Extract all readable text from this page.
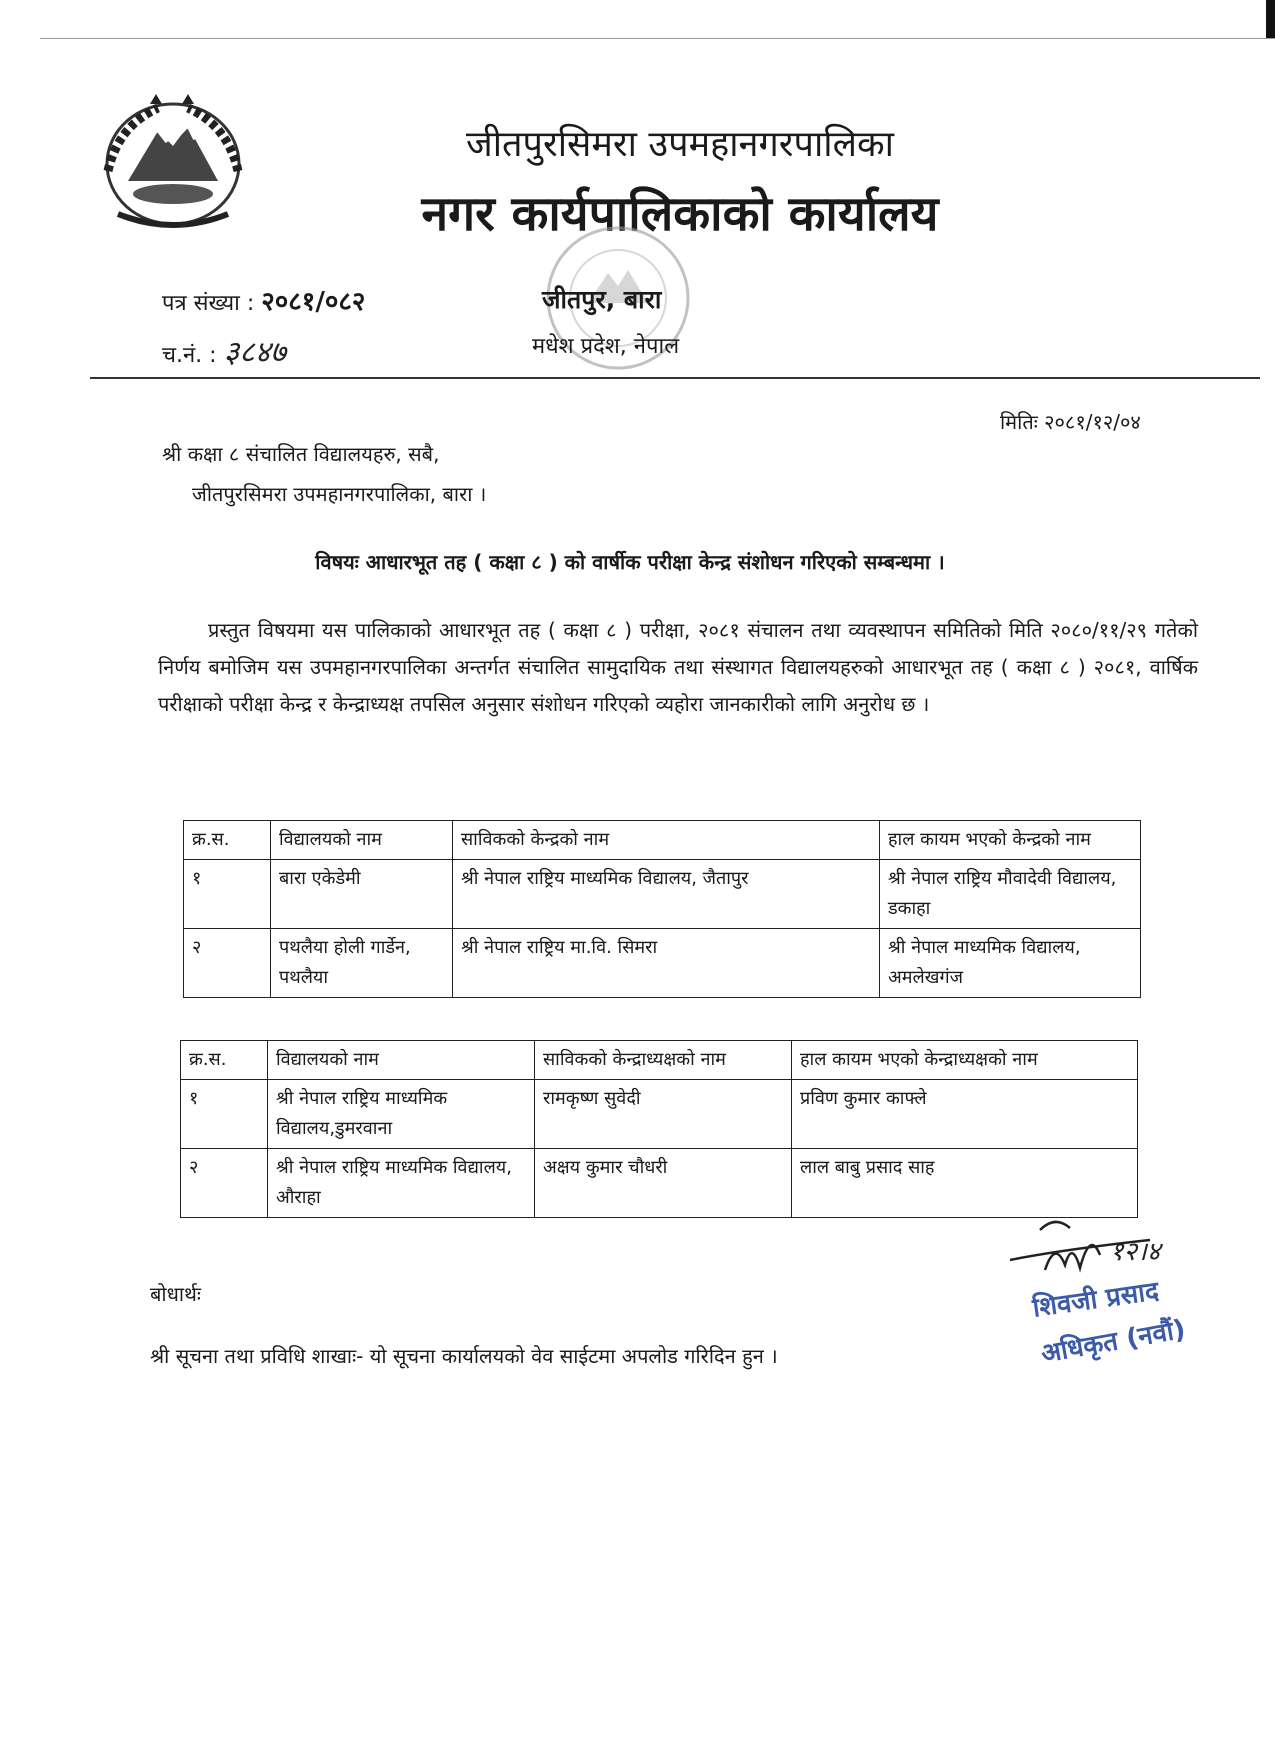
जीतपुरसिमरा उपमहानगरपालिका
नगर कार्यपालिकाको कार्यालय
पत्र संख्या : २०८१/०८२
च.नं. : ३८४७
जीतपुर, बारा
मधेश प्रदेश, नेपाल
मितिः २०८१/१२/०४
श्री कक्षा ८ संचालित विद्यालयहरु, सबै,
जीतपुरसिमरा उपमहानगरपालिका, बारा ।
विषयः आधारभूत तह ( कक्षा ८ ) को वार्षीक परीक्षा केन्द्र संशोधन गरिएको सम्बन्धमा ।
प्रस्तुत विषयमा यस पालिकाको आधारभूत तह ( कक्षा ८ ) परीक्षा, २०८१ संचालन तथा व्यवस्थापन समितिको मिति २०८०/११/२९ गतेको निर्णय बमोजिम यस उपमहानगरपालिका अन्तर्गत संचालित सामुदायिक तथा संस्थागत विद्यालयहरुको आधारभूत तह ( कक्षा ८ ) २०८१, वार्षिक परीक्षाको परीक्षा केन्द्र र केन्द्राध्यक्ष तपसिल अनुसार संशोधन गरिएको व्यहोरा जानकारीको लागि अनुरोध छ ।
क्र.स.	विद्यालयको नाम	साविकको केन्द्रको नाम	हाल कायम भएको केन्द्रको नाम
१	बारा एकेडेमी	श्री नेपाल राष्ट्रिय माध्यमिक विद्यालय, जैतापुर	श्री नेपाल राष्ट्रिय मौवादेवी विद्यालय, डकाहा
२	पथलैया होली गार्डेन, पथलैया	श्री नेपाल राष्ट्रिय मा.वि. सिमरा	श्री नेपाल माध्यमिक विद्यालय, अमलेखगंज
क्र.स.	विद्यालयको नाम	साविकको केन्द्राध्यक्षको नाम	हाल कायम भएको केन्द्राध्यक्षको नाम
१	श्री नेपाल राष्ट्रिय माध्यमिक विद्यालय,डुमरवाना	रामकृष्ण सुवेदी	प्रविण कुमार काफ्ले
२	श्री नेपाल राष्ट्रिय माध्यमिक विद्यालय, औराहा	अक्षय कुमार चौधरी	लाल बाबु प्रसाद साह
बोधार्थः
श्री सूचना तथा प्रविधि शाखाः- यो सूचना कार्यालयको वेव साईटमा अपलोड गरिदिन हुन ।
१२।४
शिवजी प्रसाद
अधिकृत (नवौं)
